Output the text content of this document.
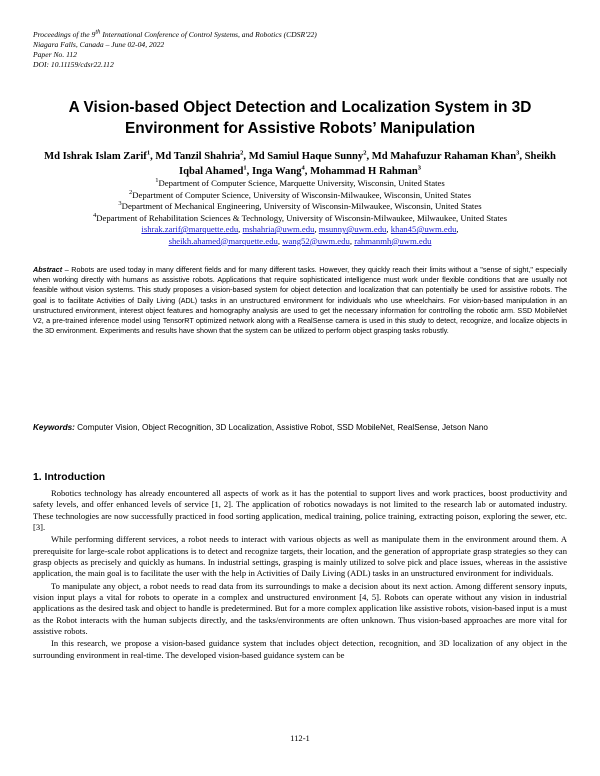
Proceedings of the 9th International Conference of Control Systems, and Robotics (CDSR'22)
Niagara Falls, Canada – June 02-04, 2022
Paper No. 112
DOI: 10.11159/cdsr22.112
A Vision-based Object Detection and Localization System in 3D
Environment for Assistive Robots’ Manipulation
Md Ishrak Islam Zarif$^1$, Md Tanzil Shahria$^2$, Md Samiul Haque Sunny$^2$, Md Mahafuzur Rahaman Khan$^3$, Sheikh Iqbal Ahamed$^1$, Inga Wang$^4$, Mohammad H Rahman$^3$
$^1$Department of Computer Science, Marquette University, Wisconsin, United States
$^2$Department of Computer Science, University of Wisconsin-Milwaukee, Wisconsin, United States
$^3$Department of Mechanical Engineering, University of Wisconsin-Milwaukee, Wisconsin, United States
$^4$Department of Rehabilitation Sciences & Technology, University of Wisconsin-Milwaukee, Milwaukee, United States
ishrak.zarif@marquette.edu, mshahria@uwm.edu, msunny@uwm.edu, khan45@uwm.edu,
sheikh.ahamed@marquette.edu, wang52@uwm.edu, rahmanmh@uwm.edu
Abstract – Robots are used today in many different fields and for many different tasks. However, they quickly reach their limits without a "sense of sight," especially when working directly with humans as assistive robots. Applications that require sophisticated intelligence must work under flexible conditions that are usually not feasible without vision systems. This study proposes a vision-based system for object detection and localization that can potentially be used for assistive robots. The goal is to facilitate Activities of Daily Living (ADL) tasks in an unstructured environment for individuals who use wheelchairs. For vision-based manipulation in an unstructured environment, interest object features and homography analysis are used to get the necessary information for controlling the robotic arm. SSD MobileNet V2, a pre-trained inference model using TensorRT optimized network along with a RealSense camera is used in this study to detect, recognize, and localize objects in the 3D environment. Experiments and results have shown that the system can be utilized to perform object grasping tasks robustly.
Keywords: Computer Vision, Object Recognition, 3D Localization, Assistive Robot, SSD MobileNet, RealSense, Jetson Nano
1. Introduction

Robotics technology has already encountered all aspects of work as it has the potential to support lives and work practices, boost productivity and safety levels, and offer enhanced levels of service [1, 2]. The application of robotics nowadays is not limited to the research lab or automated industry. These technologies are now successfully practiced in food sorting application, medical training, police training, extracting poison, exploring the sewer, etc. [3].

While performing different services, a robot needs to interact with various objects as well as manipulate them in the environment around them. A prerequisite for large-scale robot applications is to detect and recognize targets, their location, and the generation of appropriate grasp strategies so they can grasp objects as precisely and quickly as humans. In industrial settings, grasping is mainly utilized to solve pick and place issues, whereas in the assistive application, the main goal is to facilitate the user with the help in Activities of Daily Living (ADL) tasks in an unstructured environment for individuals.

To manipulate any object, a robot needs to read data from its surroundings to make a decision about its next action. Among different sensory inputs, vision input plays a vital for robots to operate in a complex and unstructured environment [4, 5]. Robots can operate without any vision in industrial applications as the desired task and object to handle is predetermined. But for a more complex application like assistive robots, vision-based input is a must as the Robot interacts with the human subjects directly, and the tasks/environments are often unknown. Thus vision-based approaches are more vital for assistive robots.

In this research, we propose a vision-based guidance system that includes object detection, recognition, and 3D localization of any object in the surrounding environment in real-time. The developed vision-based guidance system can be

112-1
